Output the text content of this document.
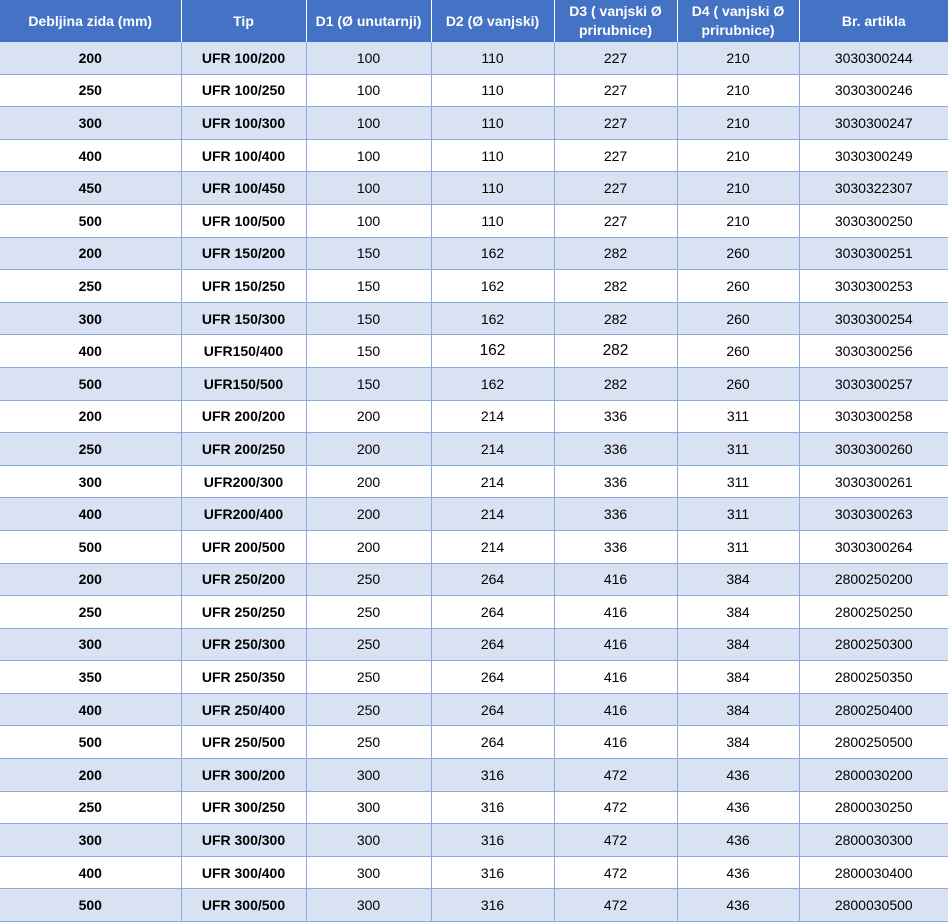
Debljina zida (mm)	Tip	D1 (Ø unutarnji)	D2 (Ø vanjski)	D3 ( vanjski Ø prirubnice)	D4 ( vanjski Ø prirubnice)	Br. artikla
200	UFR 100/200	100	110	227	210	3030300244
250	UFR 100/250	100	110	227	210	3030300246
300	UFR 100/300	100	110	227	210	3030300247
400	UFR 100/400	100	110	227	210	3030300249
450	UFR 100/450	100	110	227	210	3030322307
500	UFR 100/500	100	110	227	210	3030300250
200	UFR 150/200	150	162	282	260	3030300251
250	UFR 150/250	150	162	282	260	3030300253
300	UFR 150/300	150	162	282	260	3030300254
400	UFR150/400	150	162	282	260	3030300256
500	UFR150/500	150	162	282	260	3030300257
200	UFR 200/200	200	214	336	311	3030300258
250	UFR 200/250	200	214	336	311	3030300260
300	UFR200/300	200	214	336	311	3030300261
400	UFR200/400	200	214	336	311	3030300263
500	UFR 200/500	200	214	336	311	3030300264
200	UFR 250/200	250	264	416	384	2800250200
250	UFR 250/250	250	264	416	384	2800250250
300	UFR 250/300	250	264	416	384	2800250300
350	UFR 250/350	250	264	416	384	2800250350
400	UFR 250/400	250	264	416	384	2800250400
500	UFR 250/500	250	264	416	384	2800250500
200	UFR 300/200	300	316	472	436	2800030200
250	UFR 300/250	300	316	472	436	2800030250
300	UFR 300/300	300	316	472	436	2800030300
400	UFR 300/400	300	316	472	436	2800030400
500	UFR 300/500	300	316	472	436	2800030500
